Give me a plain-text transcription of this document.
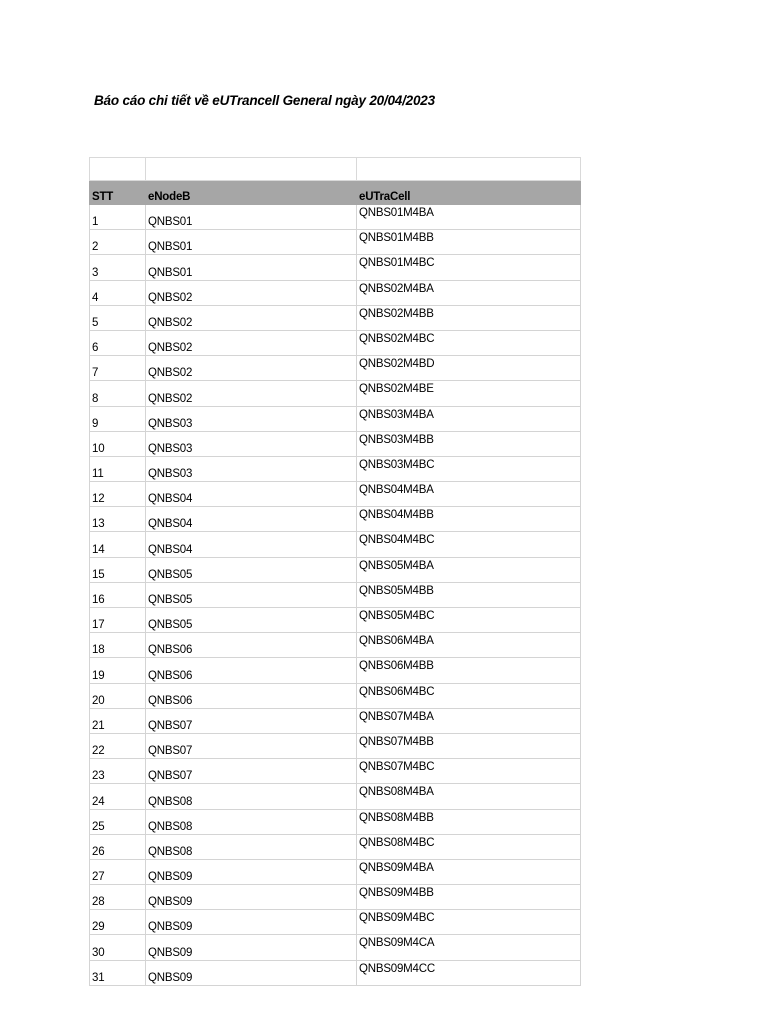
Báo cáo chi tiết về eUTrancell General ngày 20/04/2023

STT	eNodeB	eUTraCell
1	QNBS01	QNBS01M4BA
2	QNBS01	QNBS01M4BB
3	QNBS01	QNBS01M4BC
4	QNBS02	QNBS02M4BA
5	QNBS02	QNBS02M4BB
6	QNBS02	QNBS02M4BC
7	QNBS02	QNBS02M4BD
8	QNBS02	QNBS02M4BE
9	QNBS03	QNBS03M4BA
10	QNBS03	QNBS03M4BB
11	QNBS03	QNBS03M4BC
12	QNBS04	QNBS04M4BA
13	QNBS04	QNBS04M4BB
14	QNBS04	QNBS04M4BC
15	QNBS05	QNBS05M4BA
16	QNBS05	QNBS05M4BB
17	QNBS05	QNBS05M4BC
18	QNBS06	QNBS06M4BA
19	QNBS06	QNBS06M4BB
20	QNBS06	QNBS06M4BC
21	QNBS07	QNBS07M4BA
22	QNBS07	QNBS07M4BB
23	QNBS07	QNBS07M4BC
24	QNBS08	QNBS08M4BA
25	QNBS08	QNBS08M4BB
26	QNBS08	QNBS08M4BC
27	QNBS09	QNBS09M4BA
28	QNBS09	QNBS09M4BB
29	QNBS09	QNBS09M4BC
30	QNBS09	QNBS09M4CA
31	QNBS09	QNBS09M4CC
